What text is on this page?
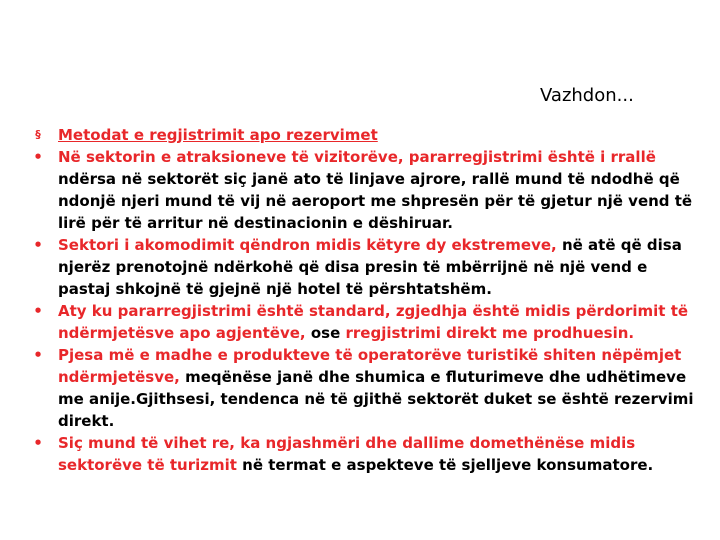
Vazhdon...

§	Metodat e regjistrimit apo rezervimet

•	Në sektorin e atraksioneve të vizitorëve, pararregjistrimi është i rrallë ndërsa në sektorët siç janë ato të linjave ajrore, rallë mund të ndodhë që ndonjë njeri mund të vij në aeroport me shpresën për të gjetur një vend të lirë për të arritur në destinacionin e dëshiruar.

•	Sektori i akomodimit qëndron midis këtyre dy ekstremeve, në atë që disa njerëz prenotojnë ndërkohë që disa presin të mbërrijnë në një vend e pastaj shkojnë të gjejnë një hotel të përshtatshëm.

•	Aty ku pararregjistrimi është standard, zgjedhja është midis përdorimit të ndërmjetësve apo agjentëve, ose rregjistrimi direkt me prodhuesin.

•	Pjesa më e madhe e produkteve të operatorëve turistikë shiten nëpëmjet ndërmjetësve, meqënëse janë dhe shumica e fluturimeve dhe udhëtimeve me anije.Gjithsesi, tendenca në të gjithë sektorët duket se është rezervimi direkt.

•	Siç mund të vihet re, ka ngjashmëri dhe dallime domethënëse midis sektorëve të turizmit në termat e aspekteve të sjelljeve konsumatore.
